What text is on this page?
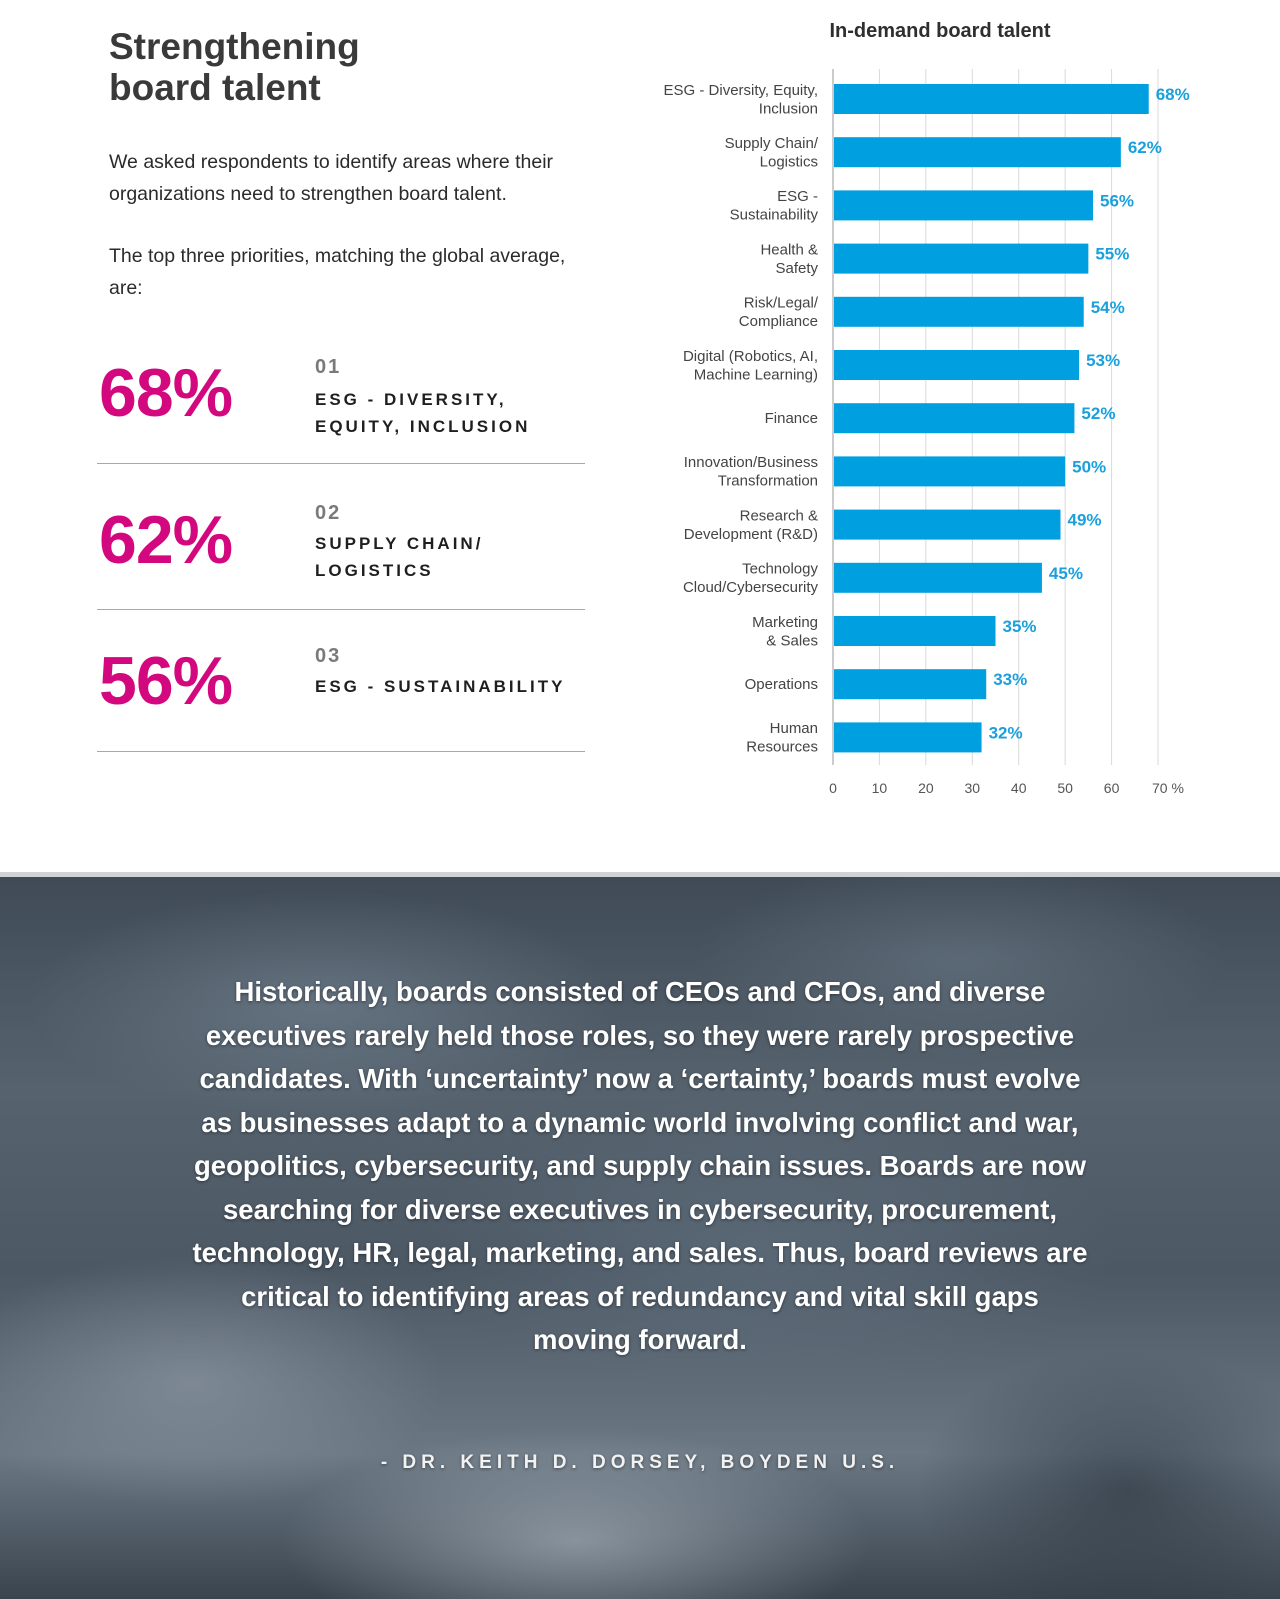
Strengthening
board talent

We asked respondents to identify areas where their organizations need to strengthen board talent.

The top three priorities, matching the global average, are:

68%	01
ESG - DIVERSITY,
EQUITY, INCLUSION
62%	02
SUPPLY CHAIN/
LOGISTICS
56%	03
ESG - SUSTAINABILITY

In-demand board talent
0 10 20 30 40 50 60 70 %
ESG - Diversity, Equity,
Inclusion
68%
Supply Chain/
Logistics
62%
ESG -
Sustainability
56%
Health &
Safety
55%
Risk/Legal/
Compliance
54%
Digital (Robotics, AI,
Machine Learning)
53%
Finance	52%
Innovation/Business
Transformation
50%
Research &
Development (R&D)
49%
Technology
Cloud/Cybersecurity
45%
Marketing
& Sales
35%
Operations	33%
Human
Resources
32%
Historically, boards consisted of CEOs and CFOs, and diverse executives rarely held those roles, so they were rarely prospective candidates. With ‘uncertainty’ now a ‘certainty,’ boards must evolve as businesses adapt to a dynamic world involving conflict and war, geopolitics, cybersecurity, and supply chain issues. Boards are now searching for diverse executives in cybersecurity, procurement, technology, HR, legal, marketing, and sales. Thus, board reviews are critical to identifying areas of redundancy and vital skill gaps moving forward.
- DR. KEITH D. DORSEY, BOYDEN U.S.
